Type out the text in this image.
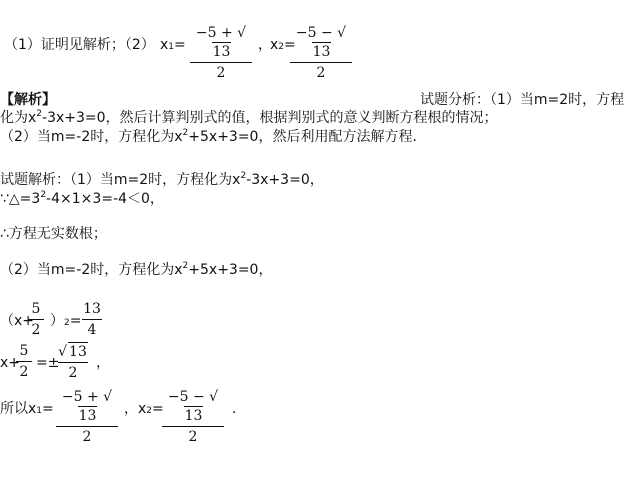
（1）证明见解析；（2） x1=
−5 + √13
2
，
x2=
−5 − √13
2
【解析】	试题分析：（1）当m=2时，方程
化为$x^2-3x+3=0$，然后计算判别式的值，根据判别式的意义判断方程根的情况；
（2）当m=-2时，方程化为$x^2+5x+3=0$，然后利用配方法解方程．
试题解析：（1）当m=2时，方程化为$x^2-3x+3=0$，
$\because\triangle=3^2-4\times 1\times 3=-4<0$，
∴方程无实数根；
（2）当m=-2时，方程化为$x^2+5x+3=0$，
（x+
5
2
）2=
13
4
x+
5
2
=±
√ 13
2
，
所以x1=
−5 + √13
2
，x2=
−5 − √13
2
．
